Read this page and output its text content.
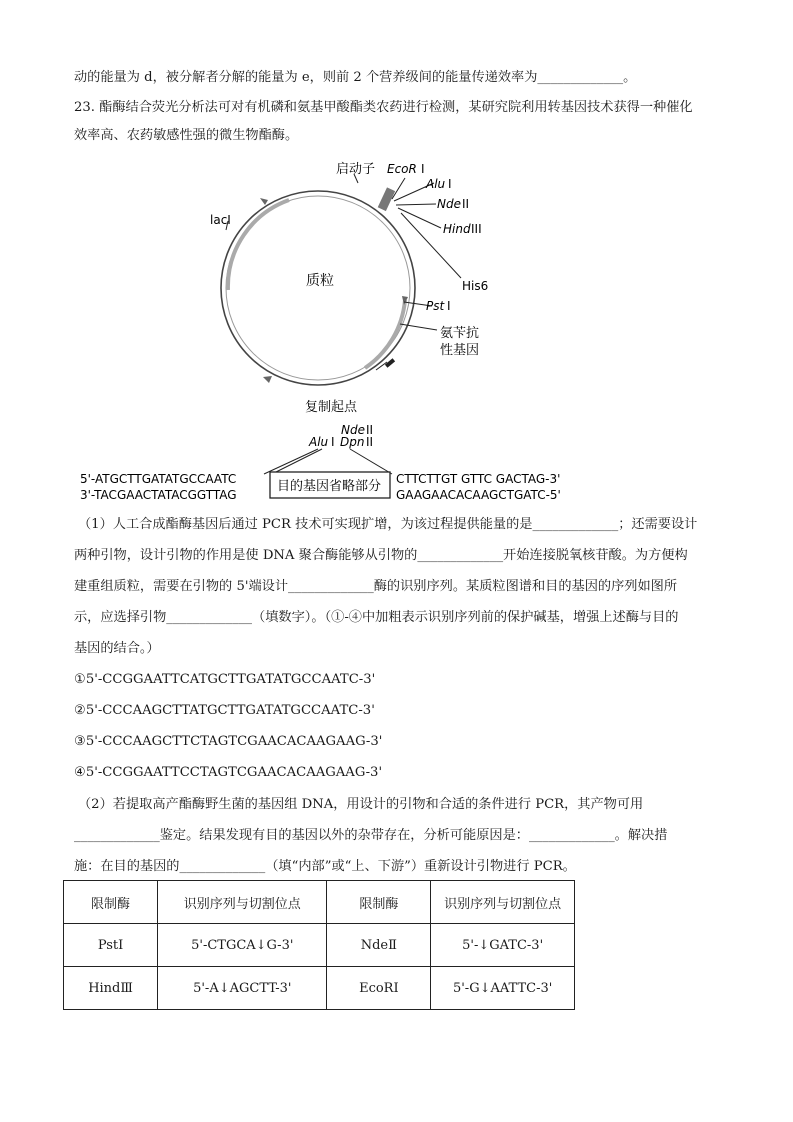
动的能量为 d，被分解者分解的能量为 e，则前 2 个营养级间的能量传递效率为_____________。
23. 酯酶结合荧光分析法可对有机磷和氨基甲酸酯类农药进行检测，某研究院利用转基因技术获得一种催化
效率高、农药敏感性强的微生物酯酶。
启动子 EcoR I
Alu I
Nde II
Hind III
lacI
质粒	His6
Pst I
氨苄抗
性基因
复制起点
Nde II
Dpn II
Alu I
目的基因省略部分
5'-ATGCTTGATATGCCAATC
3'-TACGAACTATACGGTTAG
CTTCTTGT GTTC GACTAG-3'
GAAGAACACAAGCTGATC-5'
（1）人工合成酯酶基因后通过 PCR 技术可实现扩增，为该过程提供能量的是_____________；还需要设计
两种引物，设计引物的作用是使 DNA 聚合酶能够从引物的_____________开始连接脱氧核苷酸。为方便构
建重组质粒，需要在引物的 5'端设计_____________酶的识别序列。某质粒图谱和目的基因的序列如图所
示，应选择引物_____________（填数字）。（①-④中加粗表示识别序列前的保护碱基，增强上述酶与目的
基因的结合。）
①5'-CCGGAATTCATGCTTGATATGCCAATC-3'
②5'-CCCAAGCTTATGCTTGATATGCCAATC-3'
③5'-CCCAAGCTTCTAGTCGAACACAAGAAG-3'
④5'-CCGGAATTCCTAGTCGAACACAAGAAG-3'
（2）若提取高产酯酶野生菌的基因组 DNA，用设计的引物和合适的条件进行 PCR，其产物可用
_____________鉴定。结果发现有目的基因以外的杂带存在，分析可能原因是：_____________。解决措
施：在目的基因的_____________（填“内部”或“上、下游”）重新设计引物进行 PCR。
限制酶	识别序列与切割位点	限制酶	识别序列与切割位点
PstⅠ	5'-CTGCA↓G-3'	NdeⅡ	5'-↓GATC-3'
HindⅢ	5'-A↓AGCTT-3'	EcoRⅠ	5'-G↓AATTC-3'
